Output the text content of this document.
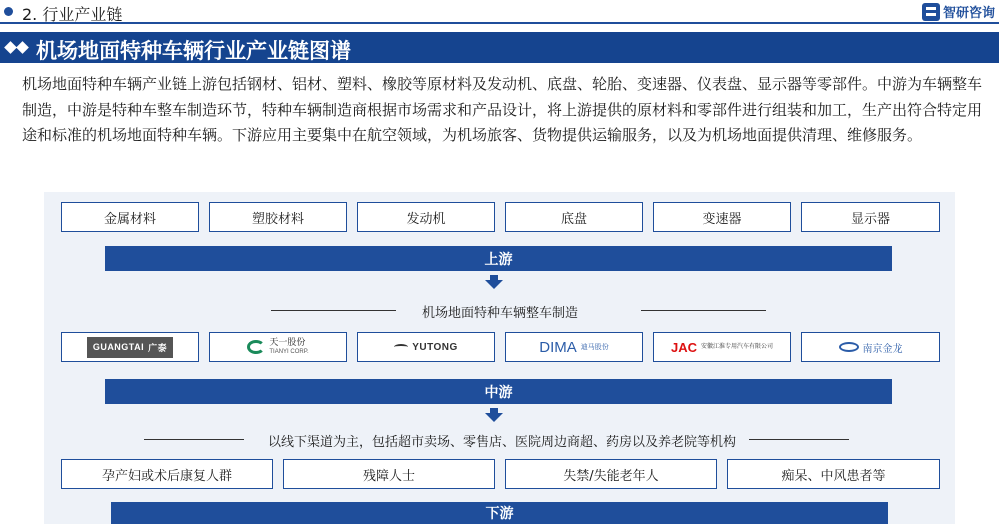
2. 行业产业链	智研咨询
机场地面特种车辆行业产业链图谱

机场地面特种车辆产业链上游包括钢材、铝材、塑料、橡胶等原材料及发动机、底盘、轮胎、变速器、仪表盘、显示器等零部件。中游为车辆整车制造，中游是特种车整车制造环节，特种车辆制造商根据市场需求和产品设计，将上游提供的原材料和零部件进行组装和加工，生产出符合特定用途和标准的机场地面特种车辆。下游应用主要集中在航空领域，为机场旅客、货物提供运输服务，以及为机场地面提供清理、维修服务。

金属材料	塑胶材料	发动机	底盘	变速器	显示器
上游
机场地面特种车辆整车制造
GUANGTAI 广泰
天一股份
TIANYI CORP.	YUTONG	DIMA 迪马股份	JAC 安徽江淮专用汽车有限公司	南京金龙
中游
以线下渠道为主，包括超市卖场、零售店、医院周边商超、药房以及养老院等机构
孕产妇或术后康复人群	残障人士	失禁/失能老年人	痴呆、中风患者等
下游
